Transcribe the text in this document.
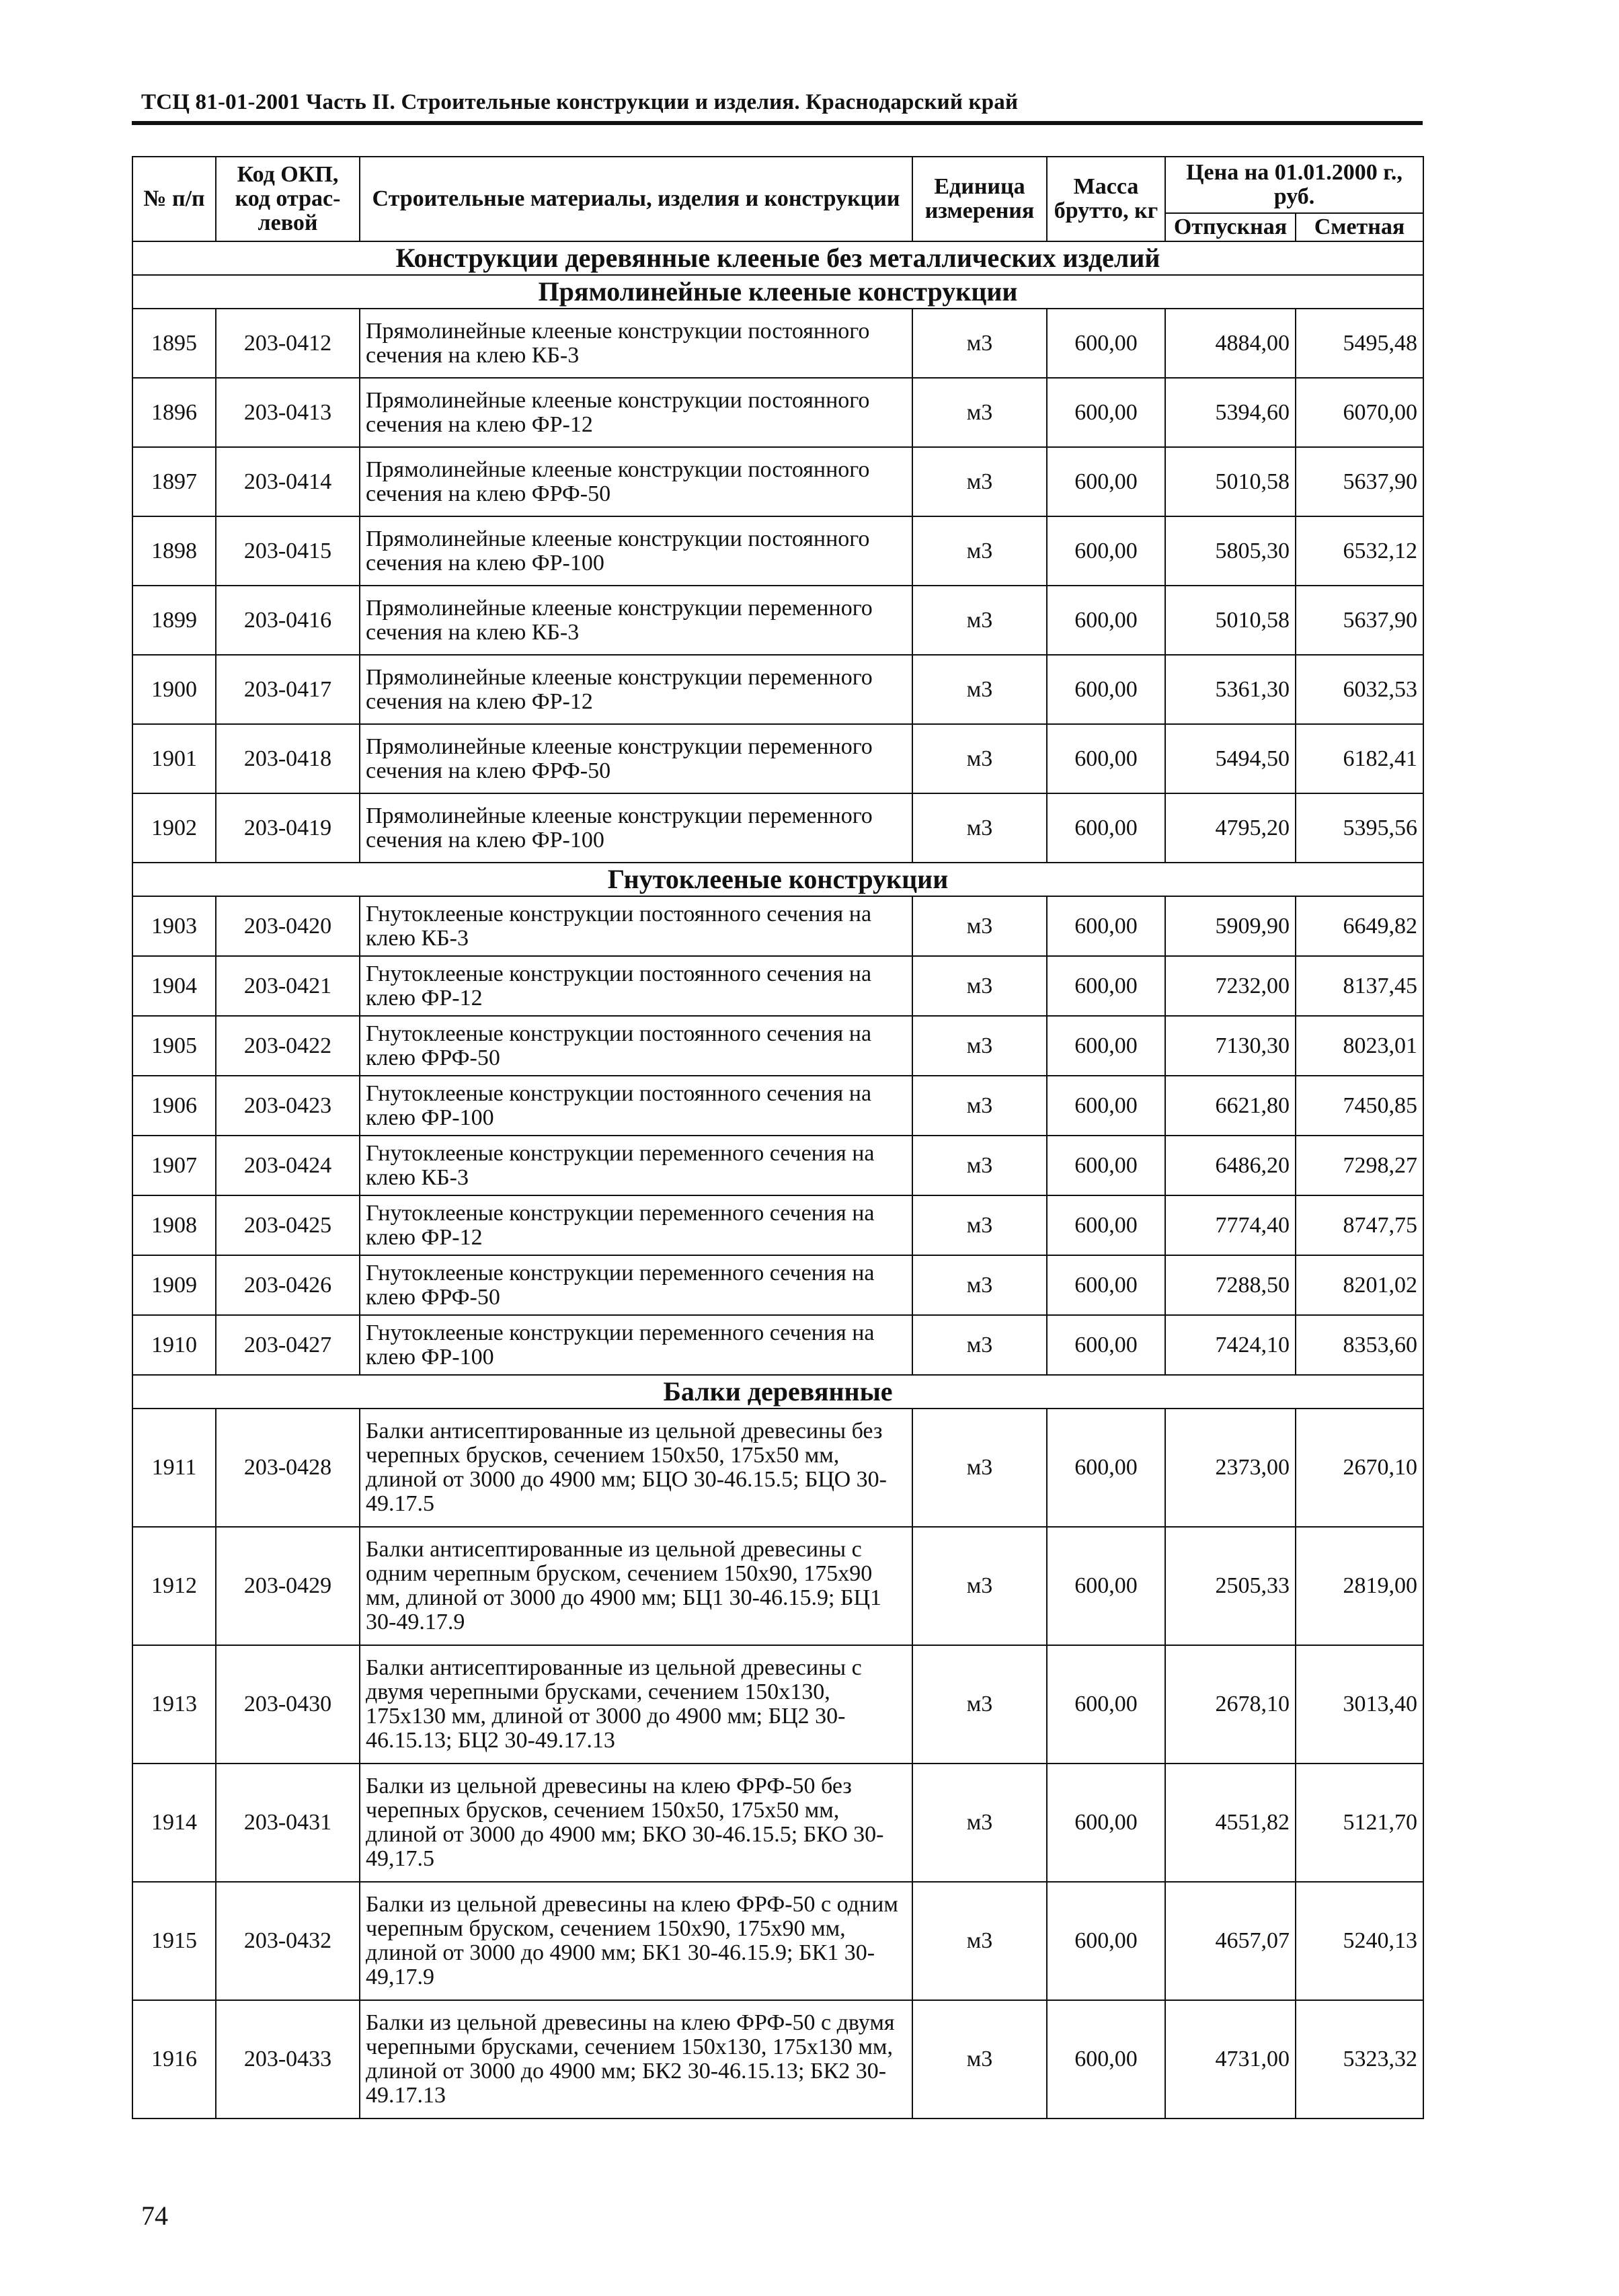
ТСЦ 81-01-2001 Часть II. Строительные конструкции и изделия. Краснодарский край
№ п/п	Код ОКП, код отрас-левой	Строительные материалы, изделия и конструкции	Единица измерения	Масса брутто, кг	Цена на 01.01.2000 г., руб.	
					Отпускная	Сметная
Конструкции деревянные клееные без металлических изделий						
Прямолинейные клееные конструкции						
1895	203-0412	Прямолинейные клееные конструкции постоянного сечения на клею КБ-3	м3	600,00	4884,00	5495,48
1896	203-0413	Прямолинейные клееные конструкции постоянного сечения на клею ФР-12	м3	600,00	5394,60	6070,00
1897	203-0414	Прямолинейные клееные конструкции постоянного сечения на клею ФРФ-50	м3	600,00	5010,58	5637,90
1898	203-0415	Прямолинейные клееные конструкции постоянного сечения на клею ФР-100	м3	600,00	5805,30	6532,12
1899	203-0416	Прямолинейные клееные конструкции переменного сечения на клею КБ-3	м3	600,00	5010,58	5637,90
1900	203-0417	Прямолинейные клееные конструкции переменного сечения на клею ФР-12	м3	600,00	5361,30	6032,53
1901	203-0418	Прямолинейные клееные конструкции переменного сечения на клею ФРФ-50	м3	600,00	5494,50	6182,41
1902	203-0419	Прямолинейные клееные конструкции переменного сечения на клею ФР-100	м3	600,00	4795,20	5395,56
Гнутоклееные конструкции						
1903	203-0420	Гнутоклееные конструкции постоянного сечения на клею КБ-3	м3	600,00	5909,90	6649,82
1904	203-0421	Гнутоклееные конструкции постоянного сечения на клею ФР-12	м3	600,00	7232,00	8137,45
1905	203-0422	Гнутоклееные конструкции постоянного сечения на клею ФРФ-50	м3	600,00	7130,30	8023,01
1906	203-0423	Гнутоклееные конструкции постоянного сечения на клею ФР-100	м3	600,00	6621,80	7450,85
1907	203-0424	Гнутоклееные конструкции переменного сечения на клею КБ-3	м3	600,00	6486,20	7298,27
1908	203-0425	Гнутоклееные конструкции переменного сечения на клею ФР-12	м3	600,00	7774,40	8747,75
1909	203-0426	Гнутоклееные конструкции переменного сечения на клею ФРФ-50	м3	600,00	7288,50	8201,02
1910	203-0427	Гнутоклееные конструкции переменного сечения на клею ФР-100	м3	600,00	7424,10	8353,60
Балки деревянные						
1911	203-0428	Балки антисептированные из цельной древесины без черепных брусков, сечением 150x50, 175x50 мм, длиной от 3000 до 4900 мм; БЦО 30-46.15.5; БЦО 30-49.17.5	м3	600,00	2373,00	2670,10
1912	203-0429	Балки антисептированные из цельной древесины с одним черепным бруском, сечением 150x90, 175x90 мм, длиной от 3000 до 4900 мм; БЦ1 30-46.15.9; БЦ1 30-49.17.9	м3	600,00	2505,33	2819,00
1913	203-0430	Балки антисептированные из цельной древесины с двумя черепными брусками, сечением 150x130, 175x130 мм, длиной от 3000 до 4900 мм; БЦ2 30-46.15.13; БЦ2 30-49.17.13	м3	600,00	2678,10	3013,40
1914	203-0431	Балки из цельной древесины на клею ФРФ-50 без черепных брусков, сечением 150x50, 175x50 мм, длиной от 3000 до 4900 мм; БКО 30-46.15.5; БКО 30-49,17.5	м3	600,00	4551,82	5121,70
1915	203-0432	Балки из цельной древесины на клею ФРФ-50 с одним черепным бруском, сечением 150x90, 175x90 мм, длиной от 3000 до 4900 мм; БК1 30-46.15.9; БК1 30-49,17.9	м3	600,00	4657,07	5240,13
1916	203-0433	Балки из цельной древесины на клею ФРФ-50 с двумя черепными брусками, сечением 150x130, 175x130 мм, длиной от 3000 до 4900 мм; БК2 30-46.15.13; БК2 30-49.17.13	м3	600,00	4731,00	5323,32
74
